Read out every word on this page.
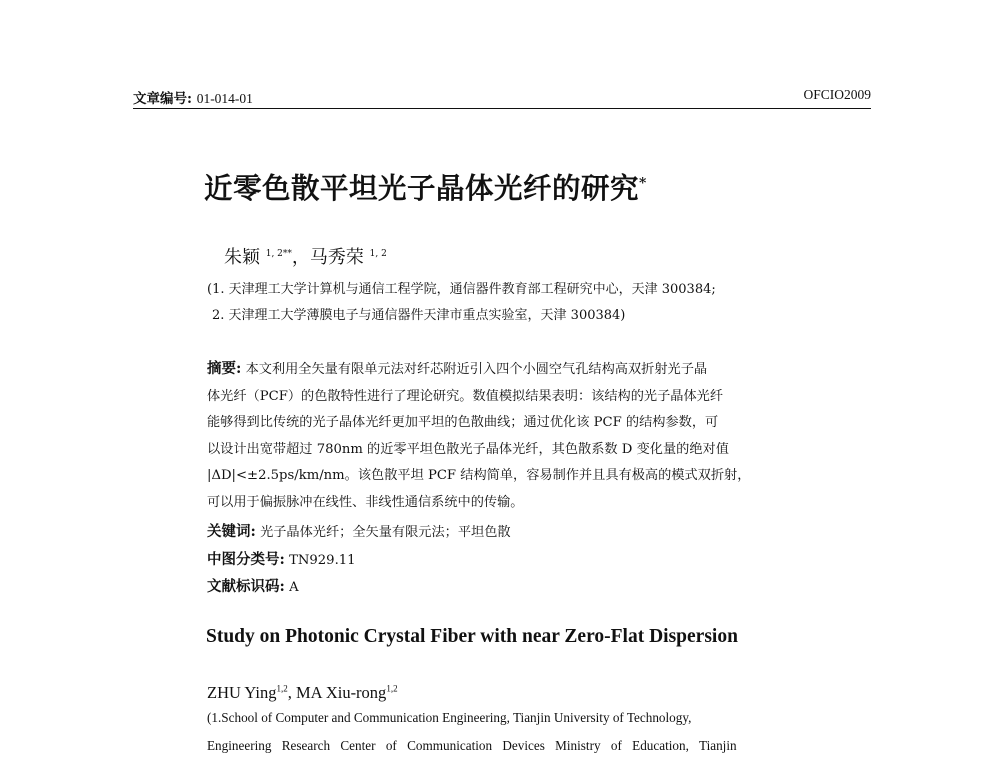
文章编号: 01-014-01	OFCIO2009
近零色散平坦光子晶体光纤的研究*
朱颖 $^{1, 2**}$，马秀荣 $^{1, 2}$
(1. 天津理工大学计算机与通信工程学院，通信器件教育部工程研究中心，天津 300384;
2. 天津理工大学薄膜电子与通信器件天津市重点实验室，天津 300384)
摘要: 本文利用全矢量有限单元法对纤芯附近引入四个小圆空气孔结构高双折射光子晶
体光纤（PCF）的色散特性进行了理论研究。数值模拟结果表明：该结构的光子晶体光纤
能够得到比传统的光子晶体光纤更加平坦的色散曲线；通过优化该 PCF 的结构参数，可
以设计出宽带超过 780nm 的近零平坦色散光子晶体光纤，其色散系数 D 变化量的绝对值
|ΔD|<±2.5ps/km/nm。该色散平坦 PCF 结构简单，容易制作并且具有极高的模式双折射，
可以用于偏振脉冲在线性、非线性通信系统中的传输。
关键词: 光子晶体光纤；全矢量有限元法；平坦色散
中图分类号: TN929.11
文献标识码: A
Study on Photonic Crystal Fiber with near Zero-Flat Dispersion
ZHU Ying$^{1,2}$, MA Xiu-rong$^{1,2}$
(1.School of Computer and Communication Engineering, Tianjin University of Technology,
Engineering Research Center of Communication Devices Ministry of Education, Tianjin
